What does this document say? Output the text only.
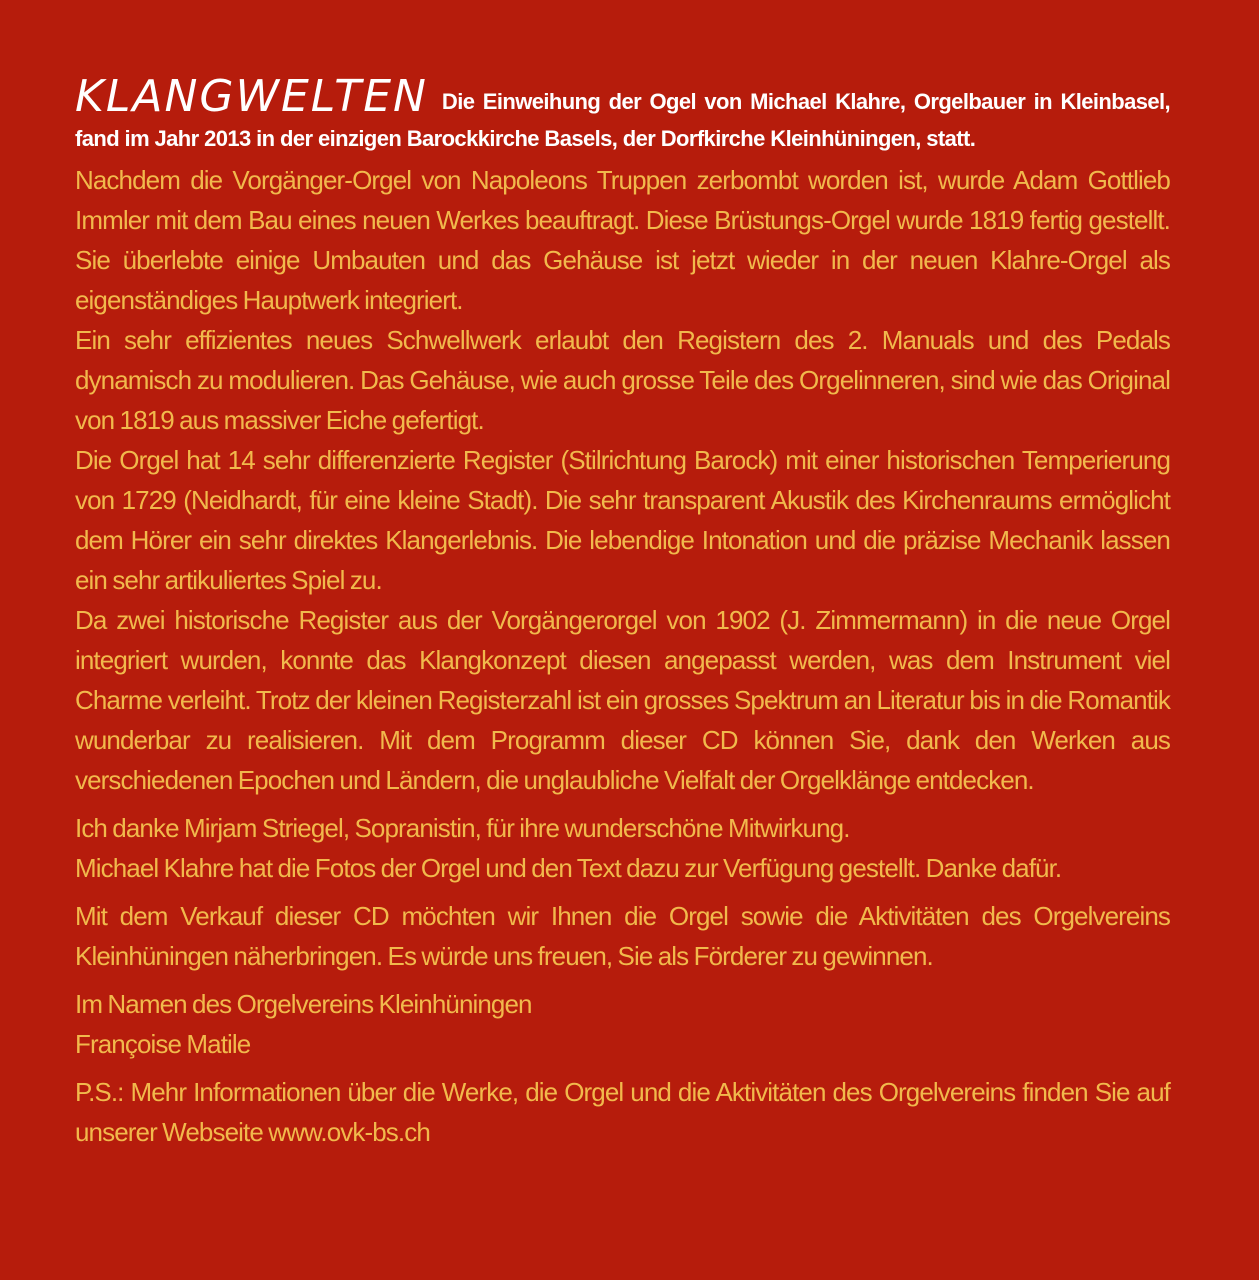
KLANGWELTEN Die Einweihung der Ogel von Michael Klahre, Orgelbauer in Kleinbasel, fand im Jahr 2013 in der einzigen Barockkirche Basels, der Dorfkirche Kleinhüningen, statt.

Nachdem die Vorgänger-Orgel von Napoleons Truppen zerbombt worden ist, wurde Adam Gottlieb Immler mit dem Bau eines neuen Werkes beauftragt. Diese Brüstungs-Orgel wurde 1819 fertig gestellt. Sie überlebte einige Umbauten und das Gehäuse ist jetzt wieder in der neuen Klahre-Orgel als eigenständiges Hauptwerk integriert.

Ein sehr effizientes neues Schwellwerk erlaubt den Registern des 2. Manuals und des Pedals dynamisch zu modulieren. Das Gehäuse, wie auch grosse Teile des Orgelinneren, sind wie das Original von 1819 aus massiver Eiche gefertigt.

Die Orgel hat 14 sehr differenzierte Register (Stilrichtung Barock) mit einer historischen Temperierung von 1729 (Neidhardt, für eine kleine Stadt). Die sehr transparent Akustik des Kirchenraums ermöglicht dem Hörer ein sehr direktes Klangerlebnis. Die lebendige Intonation und die präzise Mechanik lassen ein sehr artikuliertes Spiel zu.

Da zwei historische Register aus der Vorgängerorgel von 1902 (J. Zimmermann) in die neue Orgel integriert wurden, konnte das Klangkonzept diesen angepasst werden, was dem Instrument viel Charme verleiht. Trotz der kleinen Registerzahl ist ein grosses Spektrum an Literatur bis in die Romantik wunderbar zu realisieren. Mit dem Programm dieser CD können Sie, dank den Werken aus verschiedenen Epochen und Ländern, die unglaubliche Vielfalt der Orgelklänge entdecken.

Ich danke Mirjam Striegel, Sopranistin, für ihre wunderschöne Mitwirkung.

Michael Klahre hat die Fotos der Orgel und den Text dazu zur Verfügung gestellt. Danke dafür.

Mit dem Verkauf dieser CD möchten wir Ihnen die Orgel sowie die Aktivitäten des Orgelvereins Kleinhüningen näherbringen. Es würde uns freuen, Sie als Förderer zu gewinnen.

Im Namen des Orgelvereins Kleinhüningen

Françoise Matile

P.S.: Mehr Informationen über die Werke, die Orgel und die Aktivitäten des Orgelvereins finden Sie auf unserer Webseite www.ovk-bs.ch
